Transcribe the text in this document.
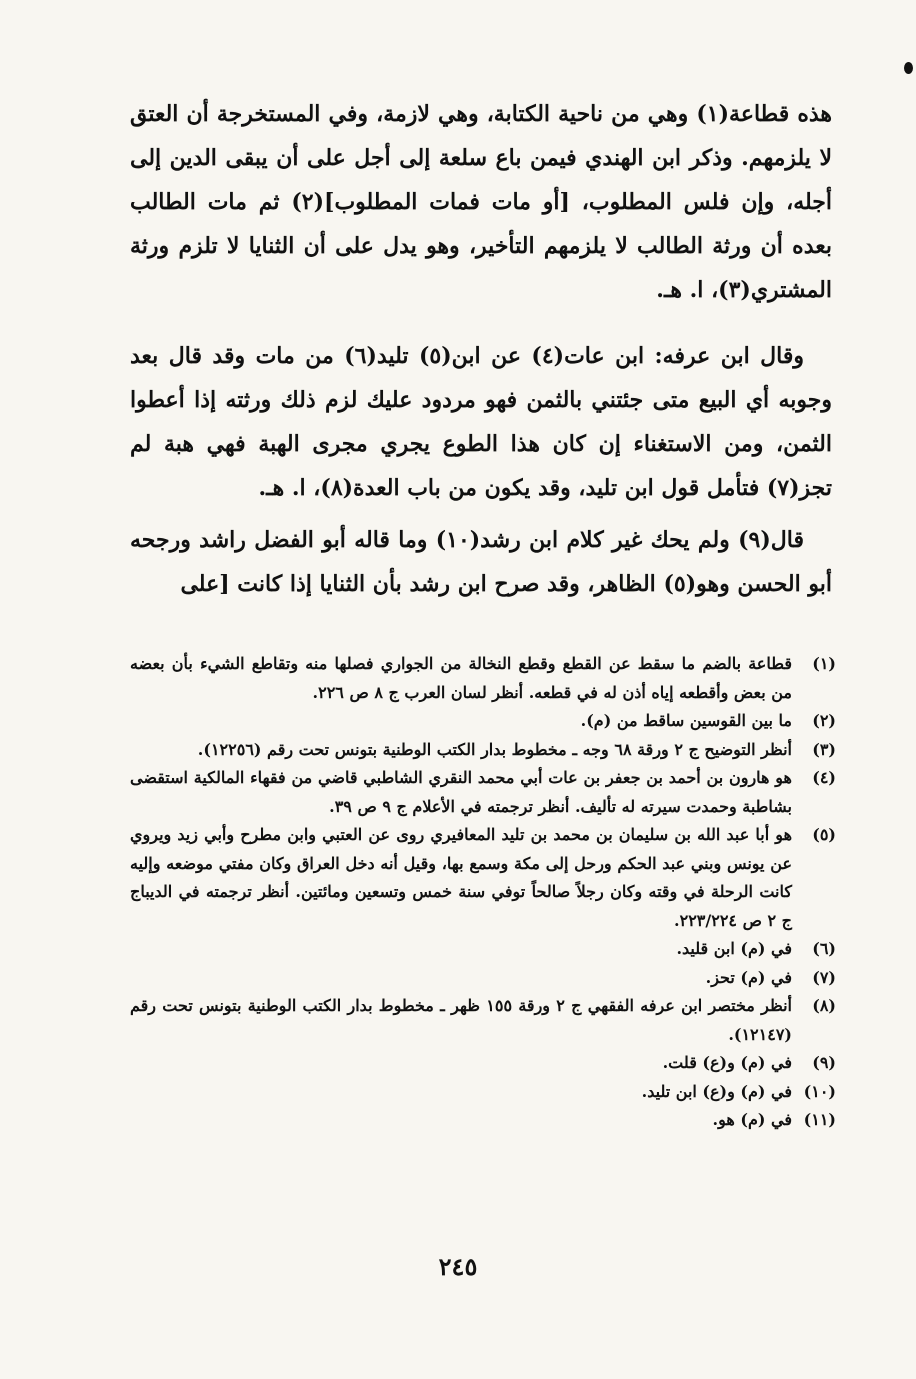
هذه قطاعة(١) وهي من ناحية الكتابة، وهي لازمة، وفي المستخرجة أن العتق لا يلزمهم. وذكر ابن الهندي فيمن باع سلعة إلى أجل على أن يبقى الدين إلى أجله، وإن فلس المطلوب، [أو مات فمات المطلوب](٢) ثم مات الطالب بعده أن ورثة الطالب لا يلزمهم التأخير، وهو يدل على أن الثنايا لا تلزم ورثة المشتري(٣)، ا. هـ.

وقال ابن عرفه: ابن عات(٤) عن ابن(٥) تليد(٦) من مات وقد قال بعد وجوبه أي البيع متى جئتني بالثمن فهو مردود عليك لزم ذلك ورثته إذا أعطوا الثمن، ومن الاستغناء إن كان هذا الطوع يجري مجرى الهبة فهي هبة لم تجز(٧) فتأمل قول ابن تليد، وقد يكون من باب العدة(٨)، ا. هـ.

قال(٩) ولم يحك غير كلام ابن رشد(١٠) وما قاله أبو الفضل راشد ورجحه أبو الحسن وهو(٥) الظاهر، وقد صرح ابن رشد بأن الثنايا إذا كانت [على

(١)
قطاعة بالضم ما سقط عن القطع وقطع النخالة من الجواري فصلها منه وتقاطع الشيء بأن بعضه من بعض وأقطعه إياه أذن له في قطعه. أنظر لسان العرب ج ٨ ص ٢٢٦.
(٢)
ما بين القوسين ساقط من (م).
(٣)
أنظر التوضيح ج ٢ ورقة ٦٨ وجه ـ مخطوط بدار الكتب الوطنية بتونس تحت رقم (١٢٢٥٦).
(٤)
هو هارون بن أحمد بن جعفر بن عات أبي محمد النقري الشاطبي قاضي من فقهاء المالكية استقضى بشاطبة وحمدت سيرته له تأليف. أنظر ترجمته في الأعلام ج ٩ ص ٣٩.
(٥)
هو أبا عبد الله بن سليمان بن محمد بن تليد المعافيري روى عن العتبي وابن مطرح وأبي زيد ويروي عن يونس وبني عبد الحكم ورحل إلى مكة وسمع بها، وقيل أنه دخل العراق وكان مفتي موضعه وإليه كانت الرحلة في وقته وكان رجلاً صالحاً توفي سنة خمس وتسعين ومائتين. أنظر ترجمته في الديباج ج ٢ ص ٢٢٣/٢٢٤.
(٦)
في (م) ابن قليد.
(٧)
في (م) تحز.
(٨)
أنظر مختصر ابن عرفه الفقهي ج ٢ ورقة ١٥٥ ظهر ـ مخطوط بدار الكتب الوطنية بتونس تحت رقم (١٢١٤٧).
(٩)
في (م) و(ع) قلت.
(١٠)
في (م) و(ع) ابن تليد.
(١١)
في (م) هو.
٢٤٥
